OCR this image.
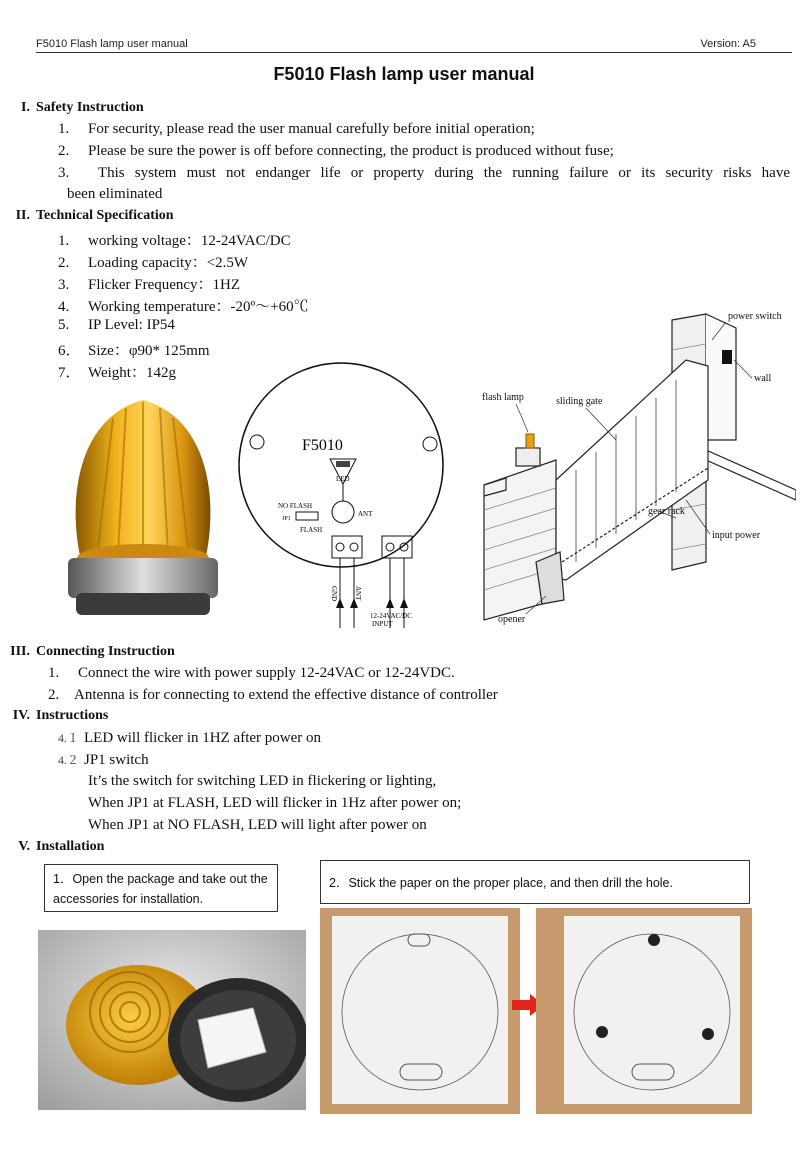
F5010 Flash lamp user manual	Version: A5
F5010 Flash lamp user manual
I. Safety Instruction
1. For security, please read the user manual carefully before initial operation;
2. Please be sure the power is off before connecting, the product is produced without fuse;
3. This system must not endanger life or property during the running failure or its security risks have
been eliminated
II. Technical Specification
1. working voltage：12-24VAC/DC
2. Loading capacity：<2.5W
3. Flicker Frequency：1HZ
4. Working temperature：-20º～+60℃
5. IP Level: IP54
6． Size：φ90* 125mm
7． Weight：142g
F5010
LED
ANT
NO FLASH
JP1
FLASH
GND ANT
12-24VAC/DC
INPUT
power switch
wall
flash lamp	sliding gate
gear rack
input power
opener
III. Connecting Instruction
1. Connect the wire with power supply 12-24VAC or 12-24VDC.
2. Antenna is for connecting to extend the effective distance of controller
IV. Instructions
4.１ LED will flicker in 1HZ after power on
4.２ JP1 switch
It’s the switch for switching LED in flickering or lighting,
When JP1 at FLASH, LED will flicker in 1Hz after power on;
When JP1 at NO FLASH, LED will light after power on
V. Installation
1．Open the package and take out the accessories for installation.
2．Stick the paper on the proper place, and then drill the hole.
